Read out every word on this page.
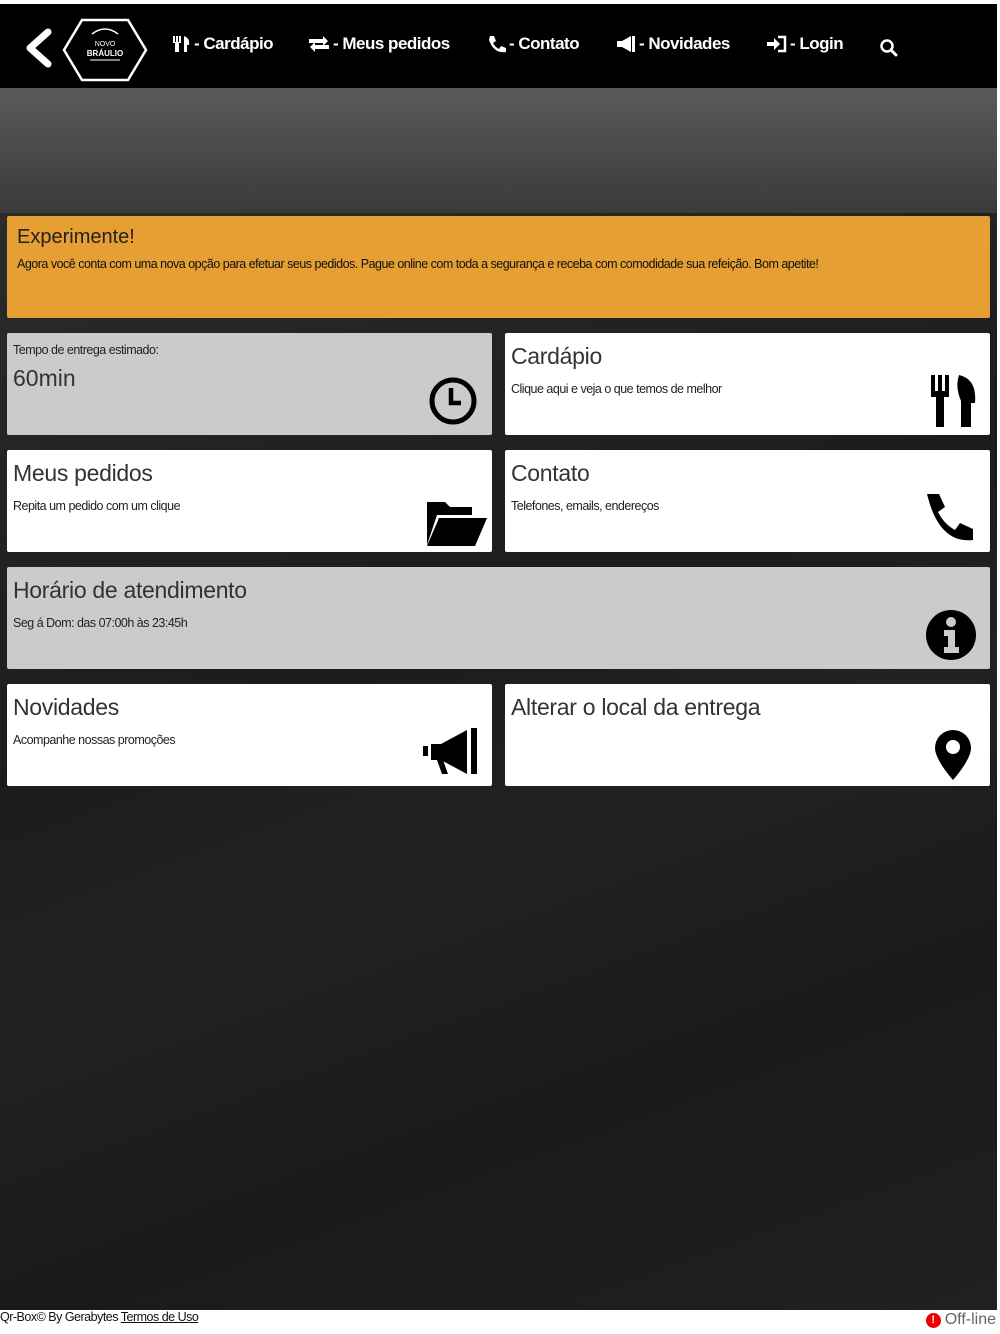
NOVO
BRÁULIO
- Cardápio	- Meus pedidos	- Contato	- Novidades	- Login
Experimente!
Agora você conta com uma nova opção para efetuar seus pedidos. Pague online com toda a segurança e receba com comodidade sua refeição. Bom apetite!
Tempo de entrega estimado:
60min
Cardápio
Clique aqui e veja o que temos de melhor
Meus pedidos
Repita um pedido com um clique
Contato
Telefones, emails, endereços
Horário de atendimento
Seg á Dom: das 07:00h às 23:45h
Novidades
Acompanhe nossas promoções
Alterar o local da entrega
Qr-Box© By Gerabytes Termos de Uso	! Off-line
